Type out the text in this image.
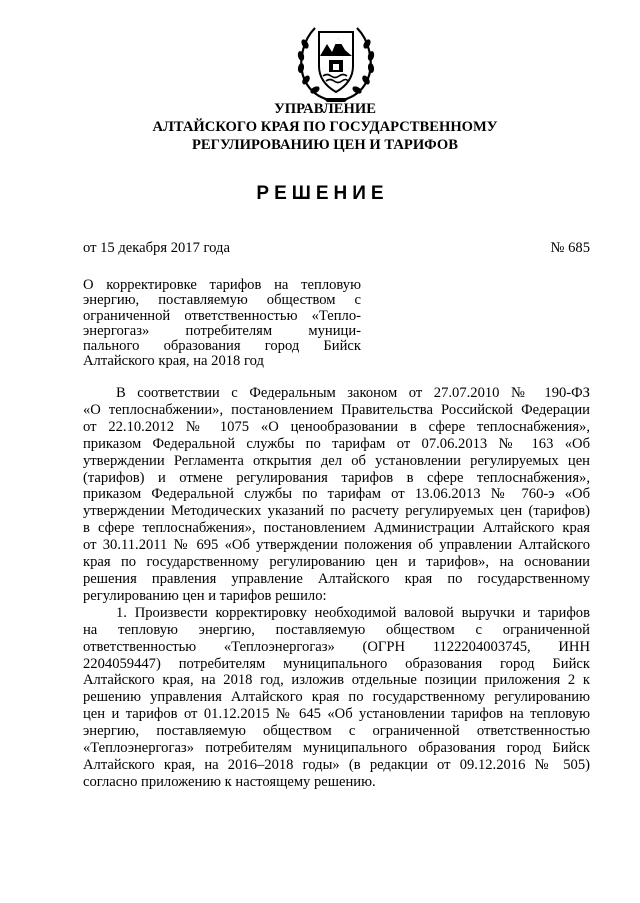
УПРАВЛЕНИЕ
АЛТАЙСКОГО КРАЯ ПО ГОСУДАРСТВЕННОМУ
РЕГУЛИРОВАНИЮ ЦЕН И ТАРИФОВ
РЕШЕНИЕ
от 15 декабря 2017 года	№ 685
О корректировке тарифов на тепловую
энергию, поставляемую обществом с
ограниченной ответственностью «Тепло-
энергогаз» потребителям муници-
пального образования город Бийск
Алтайского края, на 2018 год
В соответствии с Федеральным законом от 27.07.2010 № 190-ФЗ
«О теплоснабжении», постановлением Правительства Российской Федерации
от 22.10.2012 № 1075 «О ценообразовании в сфере теплоснабжения»,
приказом Федеральной службы по тарифам от 07.06.2013 № 163 «Об
утверждении Регламента открытия дел об установлении регулируемых цен
(тарифов) и отмене регулирования тарифов в сфере теплоснабжения»,
приказом Федеральной службы по тарифам от 13.06.2013 № 760-э «Об
утверждении Методических указаний по расчету регулируемых цен (тарифов)
в сфере теплоснабжения», постановлением Администрации Алтайского края
от 30.11.2011 № 695 «Об утверждении положения об управлении Алтайского
края по государственному регулированию цен и тарифов», на основании
решения правления управление Алтайского края по государственному
регулированию цен и тарифов решило:
1. Произвести корректировку необходимой валовой выручки и тарифов
на тепловую энергию, поставляемую обществом с ограниченной
ответственностью «Теплоэнергогаз» (ОГРН 1122204003745, ИНН
2204059447) потребителям муниципального образования город Бийск
Алтайского края, на 2018 год, изложив отдельные позиции приложения 2 к
решению управления Алтайского края по государственному регулированию
цен и тарифов от 01.12.2015 № 645 «Об установлении тарифов на тепловую
энергию, поставляемую обществом с ограниченной ответственностью
«Теплоэнергогаз» потребителям муниципального образования город Бийск
Алтайского края, на 2016–2018 годы» (в редакции от 09.12.2016 № 505)
согласно приложению к настоящему решению.
